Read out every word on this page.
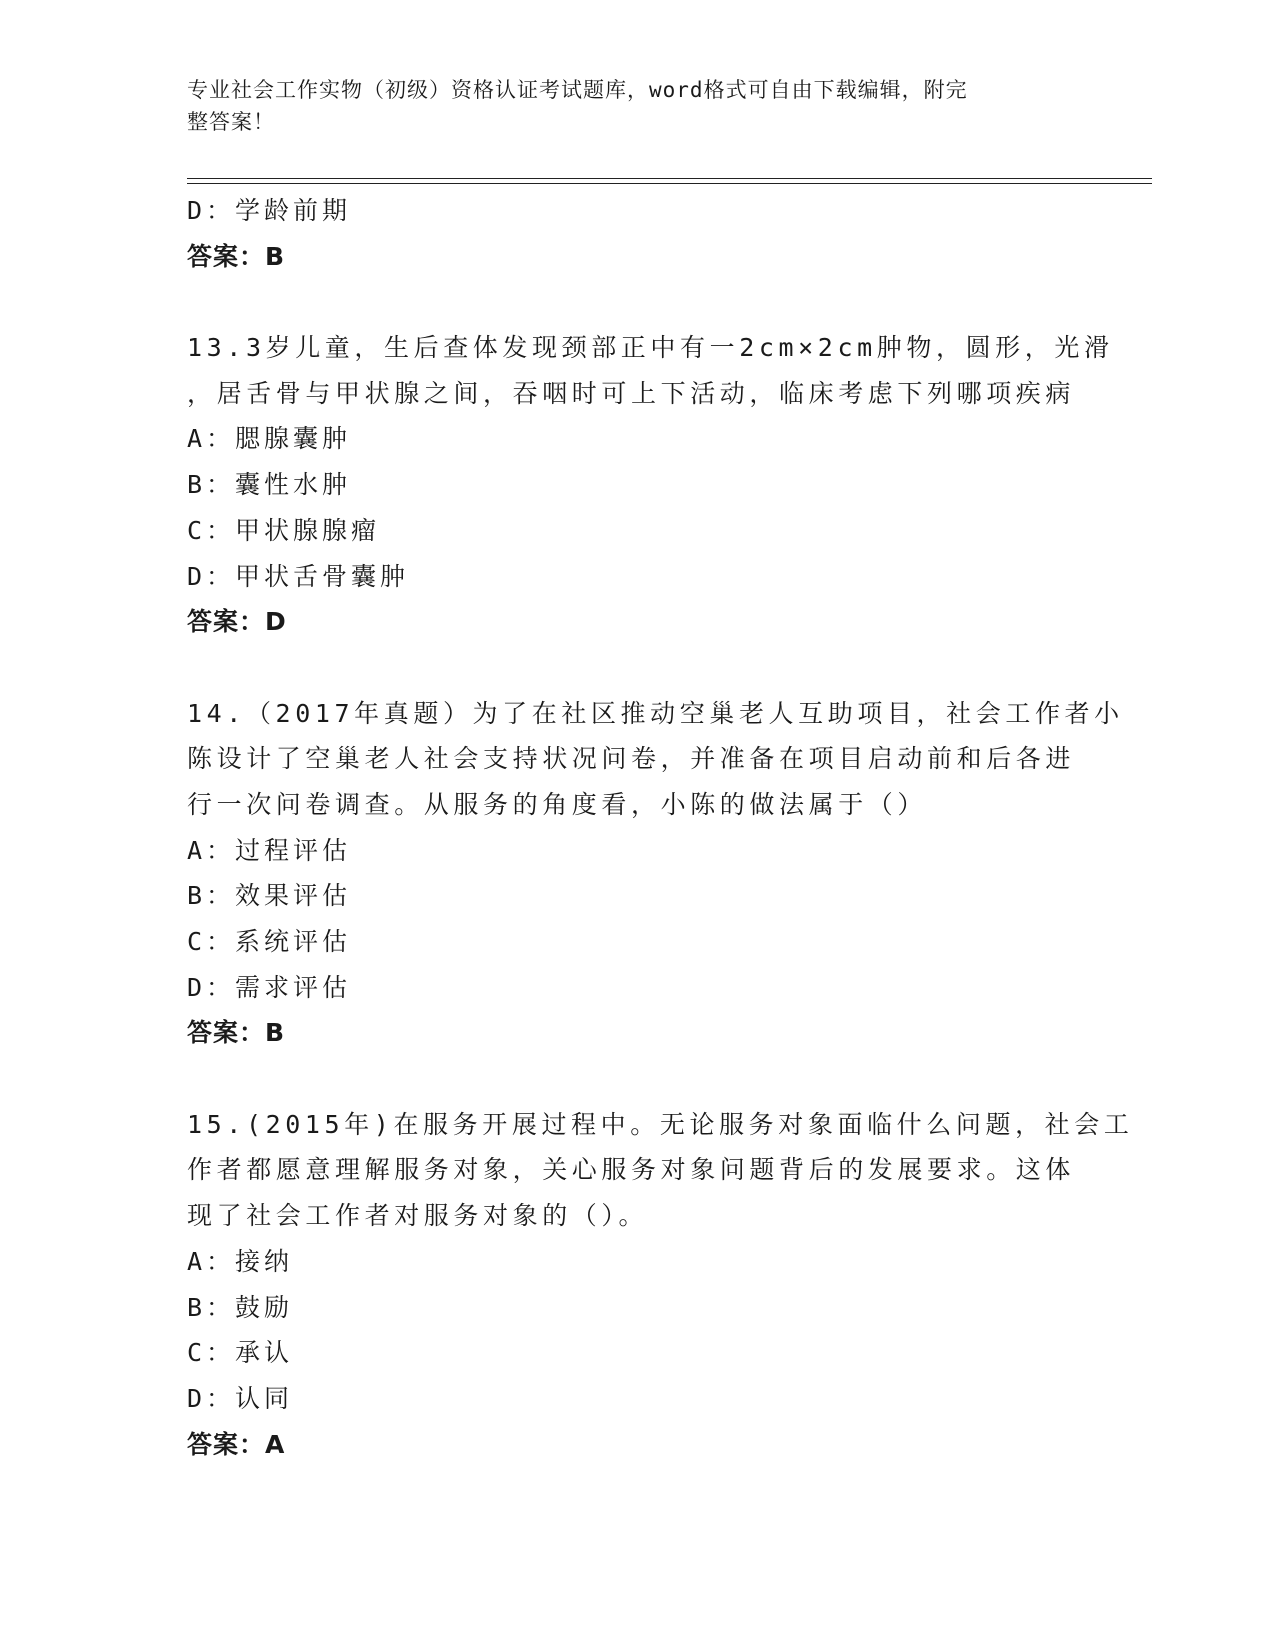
专业社会工作实物（初级）资格认证考试题库，word格式可自由下载编辑，附完
整答案！
D：学龄前期
答案：B
13.3岁儿童，生后查体发现颈部正中有一2cm×2cm肿物，圆形，光滑
，居舌骨与甲状腺之间，吞咽时可上下活动，临床考虑下列哪项疾病
A：腮腺囊肿
B：囊性水肿
C：甲状腺腺瘤
D：甲状舌骨囊肿
答案：D
14.（2017年真题）为了在社区推动空巢老人互助项目，社会工作者小
陈设计了空巢老人社会支持状况问卷，并准备在项目启动前和后各进
行一次问卷调查。从服务的角度看，小陈的做法属于（）
A：过程评估
B：效果评估
C：系统评估
D：需求评估
答案：B
15.(2015年)在服务开展过程中。无论服务对象面临什么问题，社会工
作者都愿意理解服务对象，关心服务对象问题背后的发展要求。这体
现了社会工作者对服务对象的（）。
A：接纳
B：鼓励
C：承认
D：认同
答案：A
